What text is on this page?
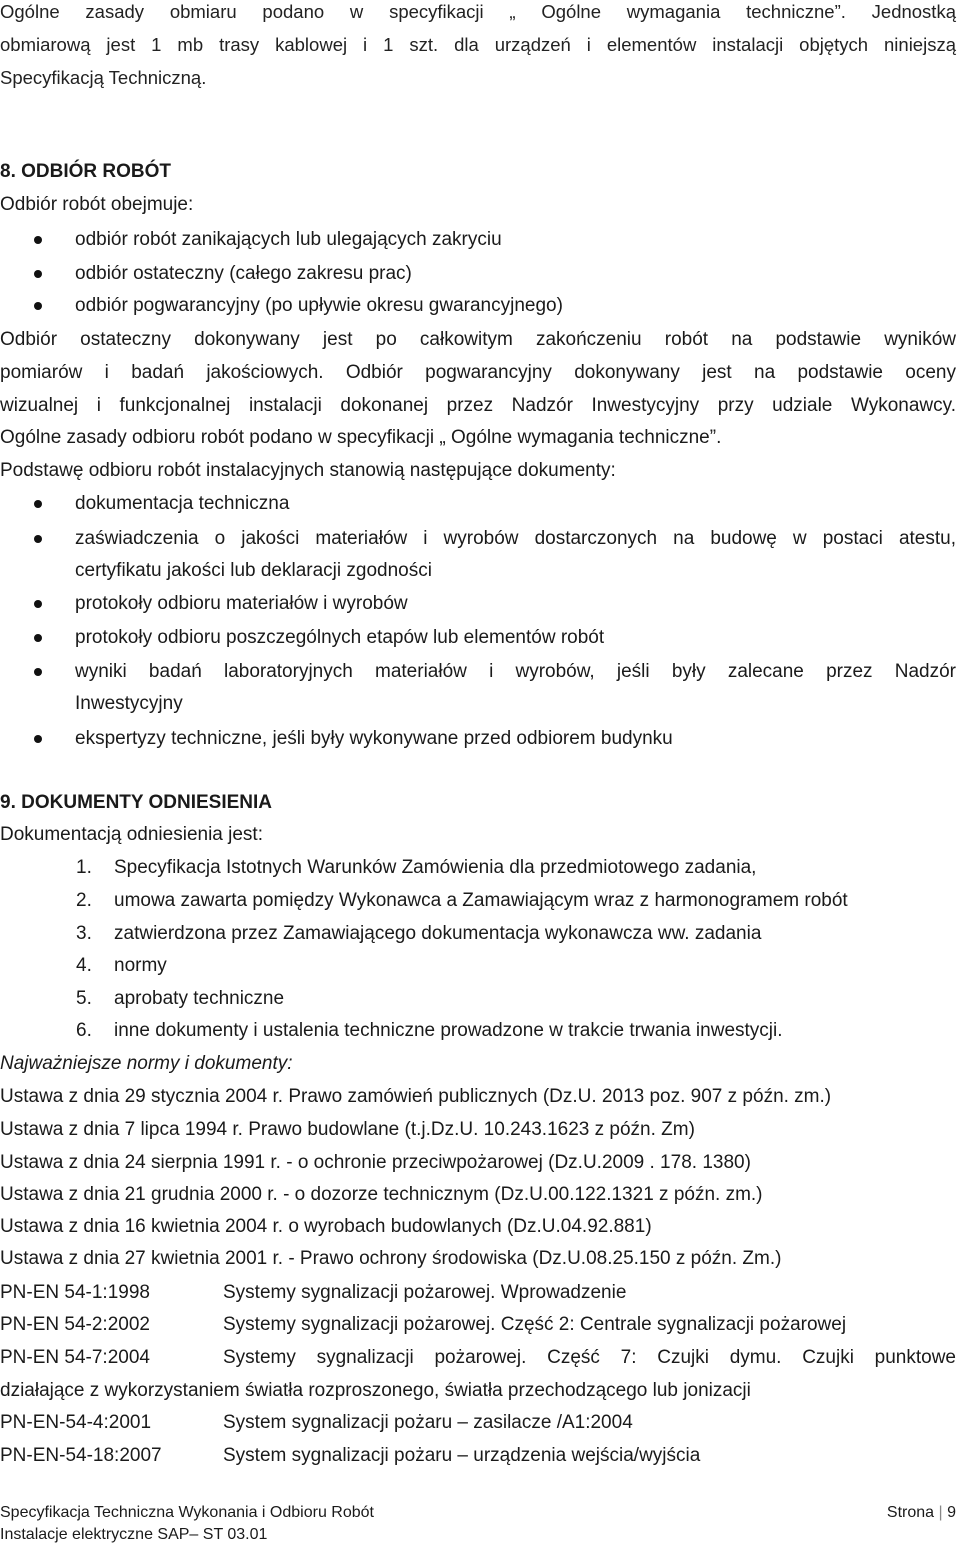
Ogólne zasady obmiaru podano w specyfikacji „ Ogólne wymagania techniczne”. Jednostką
obmiarową jest 1 mb trasy kablowej i 1 szt. dla urządzeń i elementów instalacji objętych niniejszą
Specyfikacją Techniczną.
8. ODBIÓR ROBÓT
Odbiór robót obejmuje:
odbiór robót zanikających lub ulegających zakryciu
odbiór ostateczny (całego zakresu prac)
odbiór pogwarancyjny (po upływie okresu gwarancyjnego)
Odbiór ostateczny dokonywany jest po całkowitym zakończeniu robót na podstawie wyników
pomiarów i badań jakościowych. Odbiór pogwarancyjny dokonywany jest na podstawie oceny
wizualnej i funkcjonalnej instalacji dokonanej przez Nadzór Inwestycyjny przy udziale Wykonawcy.
Ogólne zasady odbioru robót podano w specyfikacji „ Ogólne wymagania techniczne”.
Podstawę odbioru robót instalacyjnych stanowią następujące dokumenty:
dokumentacja techniczna
zaświadczenia o jakości materiałów i wyrobów dostarczonych na budowę w postaci atestu,
certyfikatu jakości lub deklaracji zgodności
protokoły odbioru materiałów i wyrobów
protokoły odbioru poszczególnych etapów lub elementów robót
wyniki badań laboratoryjnych materiałów i wyrobów, jeśli były zalecane przez Nadzór
Inwestycyjny
ekspertyzy techniczne, jeśli były wykonywane przed odbiorem budynku
9. DOKUMENTY ODNIESIENIA
Dokumentacją odniesienia jest:
1. Specyfikacja Istotnych Warunków Zamówienia dla przedmiotowego zadania,
2. umowa zawarta pomiędzy Wykonawca a Zamawiającym wraz z harmonogramem robót
3. zatwierdzona przez Zamawiającego dokumentacja wykonawcza ww. zadania
4. normy
5. aprobaty techniczne
6. inne dokumenty i ustalenia techniczne prowadzone w trakcie trwania inwestycji.
Najważniejsze normy i dokumenty:
Ustawa z dnia 29 stycznia 2004 r. Prawo zamówień publicznych (Dz.U. 2013 poz. 907 z późn. zm.)
Ustawa z dnia 7 lipca 1994 r. Prawo budowlane (t.j.Dz.U. 10.243.1623 z późn. Zm)
Ustawa z dnia 24 sierpnia 1991 r. - o ochronie przeciwpożarowej (Dz.U.2009 . 178. 1380)
Ustawa z dnia 21 grudnia 2000 r. - o dozorze technicznym (Dz.U.00.122.1321 z późn. zm.)
Ustawa z dnia 16 kwietnia 2004 r. o wyrobach budowlanych (Dz.U.04.92.881)
Ustawa z dnia 27 kwietnia 2001 r. - Prawo ochrony środowiska (Dz.U.08.25.150 z późn. Zm.)
PN-EN 54-1:1998	Systemy sygnalizacji pożarowej. Wprowadzenie
PN-EN 54-2:2002	Systemy sygnalizacji pożarowej. Część 2: Centrale sygnalizacji pożarowej
PN-EN 54-7:2004	Systemy sygnalizacji pożarowej. Część 7: Czujki dymu. Czujki punktowe
działające z wykorzystaniem światła rozproszonego, światła przechodzącego lub jonizacji
PN-EN-54-4:2001	System sygnalizacji pożaru – zasilacze /A1:2004
PN-EN-54-18:2007	System sygnalizacji pożaru – urządzenia wejścia/wyjścia
Specyfikacja Techniczna Wykonania i Odbioru Robót
Instalacje elektryczne SAP– ST 03.01
Strona | 9
